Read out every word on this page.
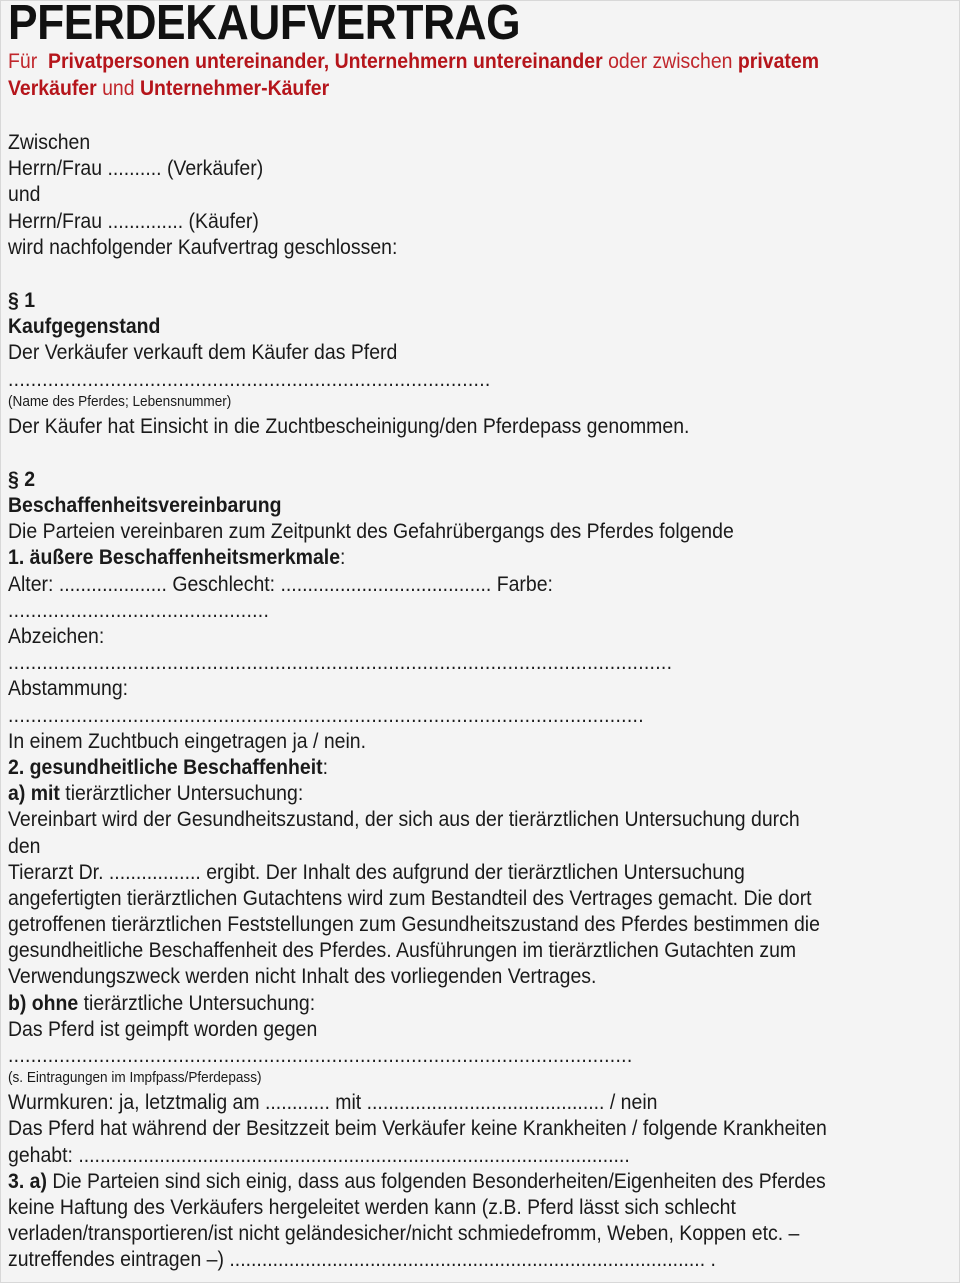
PFERDEKAUFVERTRAG
Für  Privatpersonen untereinander, Unternehmern untereinander oder zwischen privatem
Verkäufer und Unternehmer-Käufer
Zwischen
Herrn/Frau .......... (Verkäufer)
und
Herrn/Frau .............. (Käufer)
wird nachfolgender Kaufvertrag geschlossen:
§ 1
Kaufgegenstand
Der Verkäufer verkauft dem Käufer das Pferd
.....................................................................................
(Name des Pferdes; Lebensnummer)
Der Käufer hat Einsicht in die Zuchtbescheinigung/den Pferdepass genommen.
§ 2
Beschaffenheitsvereinbarung
Die Parteien vereinbaren zum Zeitpunkt des Gefahrübergangs des Pferdes folgende
1. äußere Beschaffenheitsmerkmale:
Alter: .................... Geschlecht: ....................................... Farbe:
..............................................
Abzeichen:
.....................................................................................................................
Abstammung:
................................................................................................................
In einem Zuchtbuch eingetragen ja / nein.
2. gesundheitliche Beschaffenheit:
a) mit tierärztlicher Untersuchung:
Vereinbart wird der Gesundheitszustand, der sich aus der tierärztlichen Untersuchung durch
den
Tierarzt Dr. ................. ergibt. Der Inhalt des aufgrund der tierärztlichen Untersuchung
angefertigten tierärztlichen Gutachtens wird zum Bestandteil des Vertrages gemacht. Die dort
getroffenen tierärztlichen Feststellungen zum Gesundheitszustand des Pferdes bestimmen die
gesundheitliche Beschaffenheit des Pferdes. Ausführungen im tierärztlichen Gutachten zum
Verwendungszweck werden nicht Inhalt des vorliegenden Vertrages.
b) ohne tierärztliche Untersuchung:
Das Pferd ist geimpft worden gegen
..............................................................................................................
(s. Eintragungen im Impfpass/Pferdepass)
Wurmkuren: ja, letztmalig am ............ mit ............................................ / nein
Das Pferd hat während der Besitzzeit beim Verkäufer keine Krankheiten / folgende Krankheiten
gehabt: ......................................................................................................
3. a) Die Parteien sind sich einig, dass aus folgenden Besonderheiten/Eigenheiten des Pferdes
keine Haftung des Verkäufers hergeleitet werden kann (z.B. Pferd lässt sich schlecht
verladen/transportieren/ist nicht geländesicher/nicht schmiedefromm, Weben, Koppen etc. –
zutreffendes eintragen –) ........................................................................................ .
